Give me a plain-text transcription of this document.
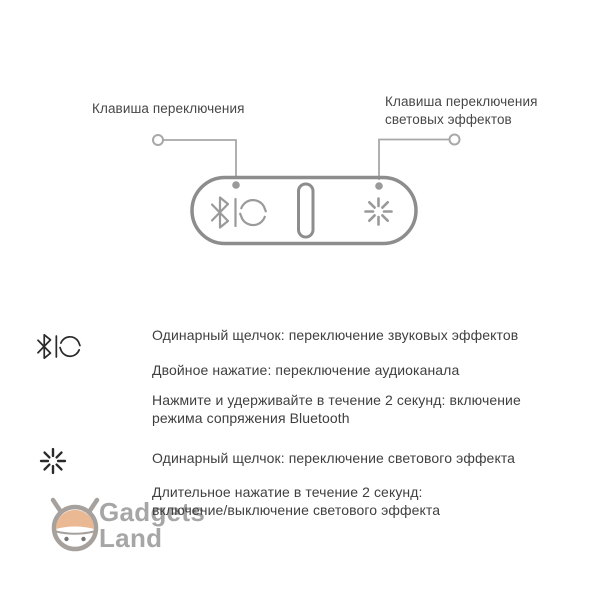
Клавиша переключения	Клавиша переключения
световых эффектов
Одинарный щелчок: переключение звуковых эффектов
Двойное нажатие: переключение аудиоканала
Нажмите и удерживайте в течение 2 секунд: включение режима сопряжения Bluetooth
Одинарный щелчок: переключение светового эффекта
Длительное нажатие в течение 2 секунд: включение/выключение светового эффекта
Gadgets
Land
